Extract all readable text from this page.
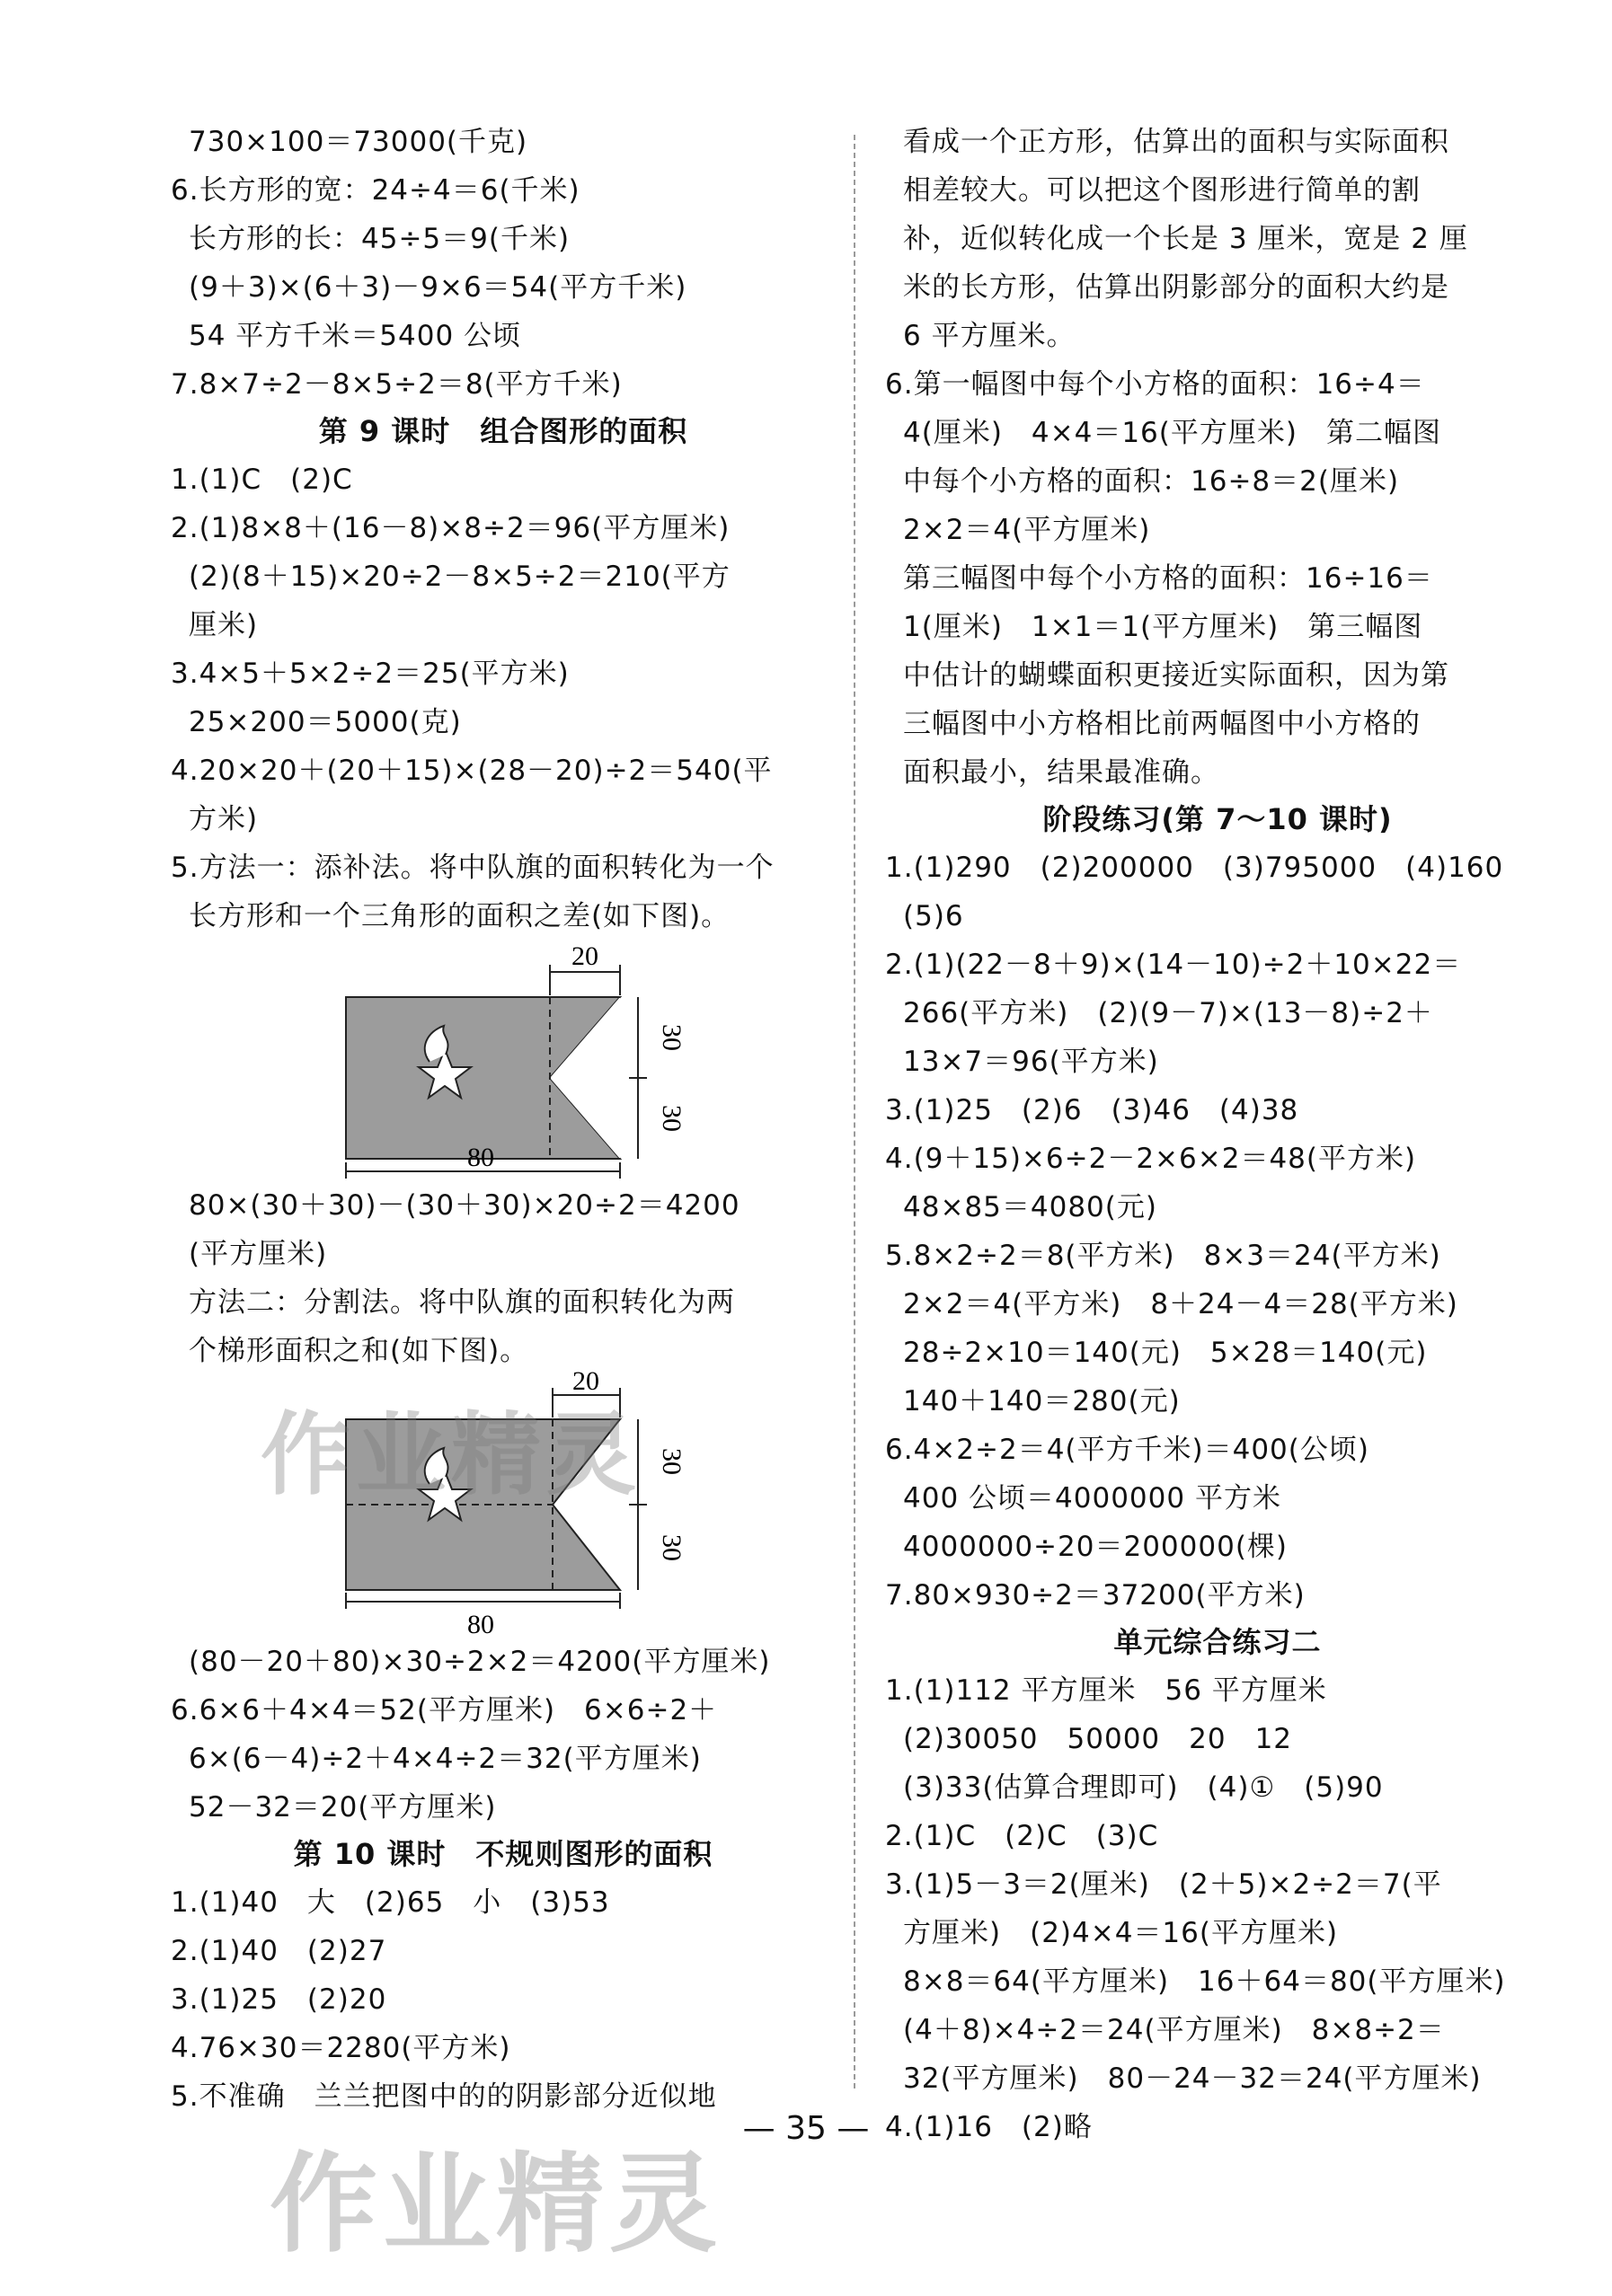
730×100＝73000(千克)
6.长方形的宽：24÷4＝6(千米)
长方形的长：45÷5＝9(千米)
(9＋3)×(6＋3)－9×6＝54(平方千米)
54 平方千米＝5400 公顷
7.8×7÷2－8×5÷2＝8(平方千米)
第 9 课时　组合图形的面积
1.(1)C　(2)C
2.(1)8×8＋(16－8)×8÷2＝96(平方厘米)
(2)(8＋15)×20÷2－8×5÷2＝210(平方
厘米)
3.4×5＋5×2÷2＝25(平方米)
25×200＝5000(克)
4.20×20＋(20＋15)×(28－20)÷2＝540(平
方米)
5.方法一：添补法。将中队旗的面积转化为一个
长方形和一个三角形的面积之差(如下图)。
20
30
30
80
80×(30＋30)－(30＋30)×20÷2＝4200
(平方厘米)
方法二：分割法。将中队旗的面积转化为两
个梯形面积之和(如下图)。
20
30
30
80
(80－20＋80)×30÷2×2＝4200(平方厘米)
6.6×6＋4×4＝52(平方厘米)　6×6÷2＋
6×(6－4)÷2＋4×4÷2＝32(平方厘米)
52－32＝20(平方厘米)
第 10 课时　不规则图形的面积
1.(1)40　大　(2)65　小　(3)53
2.(1)40　(2)27
3.(1)25　(2)20
4.76×30＝2280(平方米)
5.不准确　兰兰把图中的的阴影部分近似地
看成一个正方形，估算出的面积与实际面积
相差较大。可以把这个图形进行简单的割
补，近似转化成一个长是 3 厘米，宽是 2 厘
米的长方形，估算出阴影部分的面积大约是
6 平方厘米。
6.第一幅图中每个小方格的面积：16÷4＝
4(厘米)　4×4＝16(平方厘米)　第二幅图
中每个小方格的面积：16÷8＝2(厘米)
2×2＝4(平方厘米)
第三幅图中每个小方格的面积：16÷16＝
1(厘米)　1×1＝1(平方厘米)　第三幅图
中估计的蝴蝶面积更接近实际面积，因为第
三幅图中小方格相比前两幅图中小方格的
面积最小，结果最准确。
阶段练习(第 7～10 课时)
1.(1)290　(2)200000　(3)795000　(4)160
(5)6
2.(1)(22－8＋9)×(14－10)÷2＋10×22＝
266(平方米)　(2)(9－7)×(13－8)÷2＋
13×7＝96(平方米)
3.(1)25　(2)6　(3)46　(4)38
4.(9＋15)×6÷2－2×6×2＝48(平方米)
48×85＝4080(元)
5.8×2÷2＝8(平方米)　8×3＝24(平方米)
2×2＝4(平方米)　8＋24－4＝28(平方米)
28÷2×10＝140(元)　5×28＝140(元)
140＋140＝280(元)
6.4×2÷2＝4(平方千米)＝400(公顷)
400 公顷＝4000000 平方米
4000000÷20＝200000(棵)
7.80×930÷2＝37200(平方米)
单元综合练习二
1.(1)112 平方厘米　56 平方厘米
(2)30050　50000　20　12
(3)33(估算合理即可)　(4)①　(5)90
2.(1)C　(2)C　(3)C
3.(1)5－3＝2(厘米)　(2＋5)×2÷2＝7(平
方厘米)　(2)4×4＝16(平方厘米)
8×8＝64(平方厘米)　16＋64＝80(平方厘米)
(4＋8)×4÷2＝24(平方厘米)　8×8÷2＝
32(平方厘米)　80－24－32＝24(平方厘米)
4.(1)16　(2)略
— 35 —
作业精灵
作业精灵
